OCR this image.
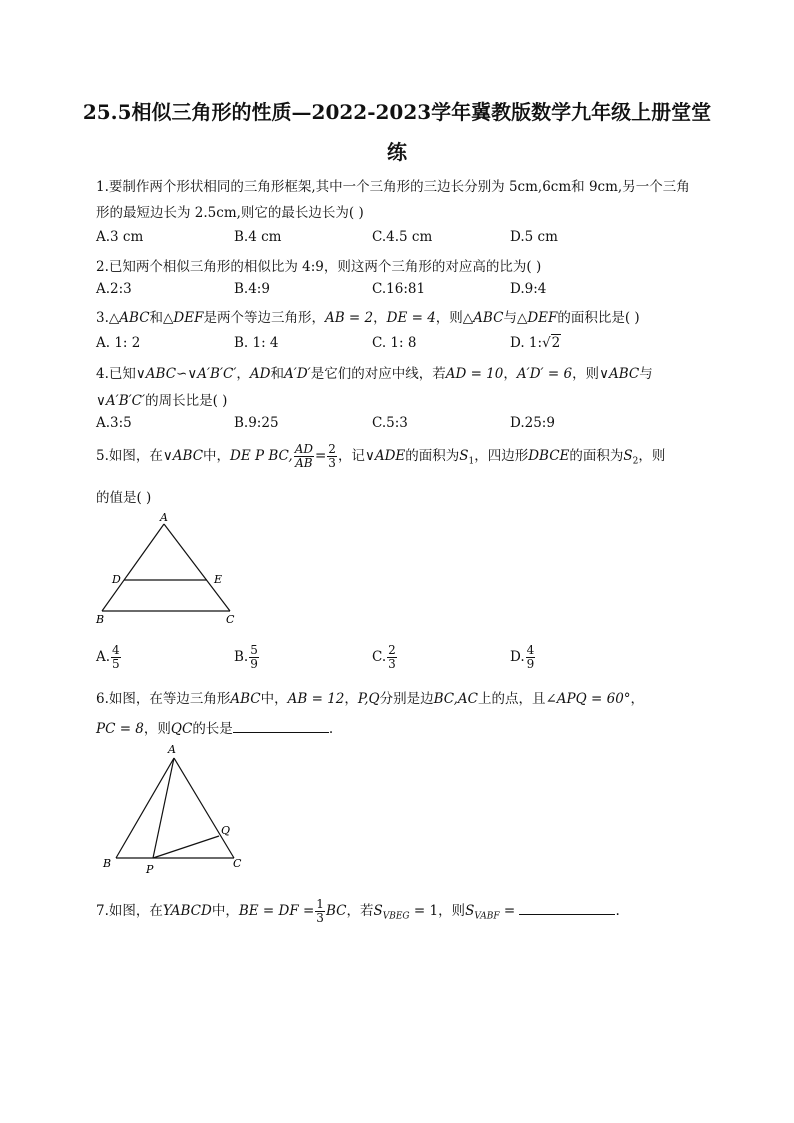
25.5相似三角形的性质—2022-2023学年冀教版数学九年级上册堂堂
练
1.要制作两个形状相同的三角形框架,其中一个三角形的三边长分别为 5cm,6cm和 9cm,另一个三角
形的最短边长为 2.5cm,则它的最长边长为( )
A.3 cm	B.4 cm	C.4.5 cm	D.5 cm
2.已知两个相似三角形的相似比为 4:9，则这两个三角形的对应高的比为( )
A.2:3	B.4:9	C.16:81	D.9:4
3.△ABC和△DEF是两个等边三角形，AB = 2，DE = 4，则△ABC与△DEF的面积比是( )
A. 1: 2	B. 1: 4	C. 1: 8	D. 1:√2
4.已知∨ABC∽∨A′B′C′，AD和A′D′是它们的对应中线，若AD = 10，A′D′ = 6，则∨ABC与
∨A′B′C′的周长比是( )
A.3:5	B.9:25	C.5:3	D.25:9
5.如图，在∨ABC中，DE P BC, $\frac{AD}{AB} = \frac{2}{3}$ ，记∨ADE的面积为$S_1$，四边形DBCE的面积为$S_2$，则
的值是( )
A
D	E
B	C
A. $\frac{4}{5}$	B. $\frac{5}{9}$	C. $\frac{2}{3}$	D. $\frac{4}{9}$
6.如图，在等边三角形ABC中，AB = 12，P,Q分别是边BC,AC上的点，且∠APQ = 60°，
PC = 8，则QC的长是	.
A
Q
B	P	C
7.如图，在YABCD中，BE = DF = $\frac{1}{3}$ BC，若$S_{VBEG} = 1$，则$S_{VABF}$ =	.
